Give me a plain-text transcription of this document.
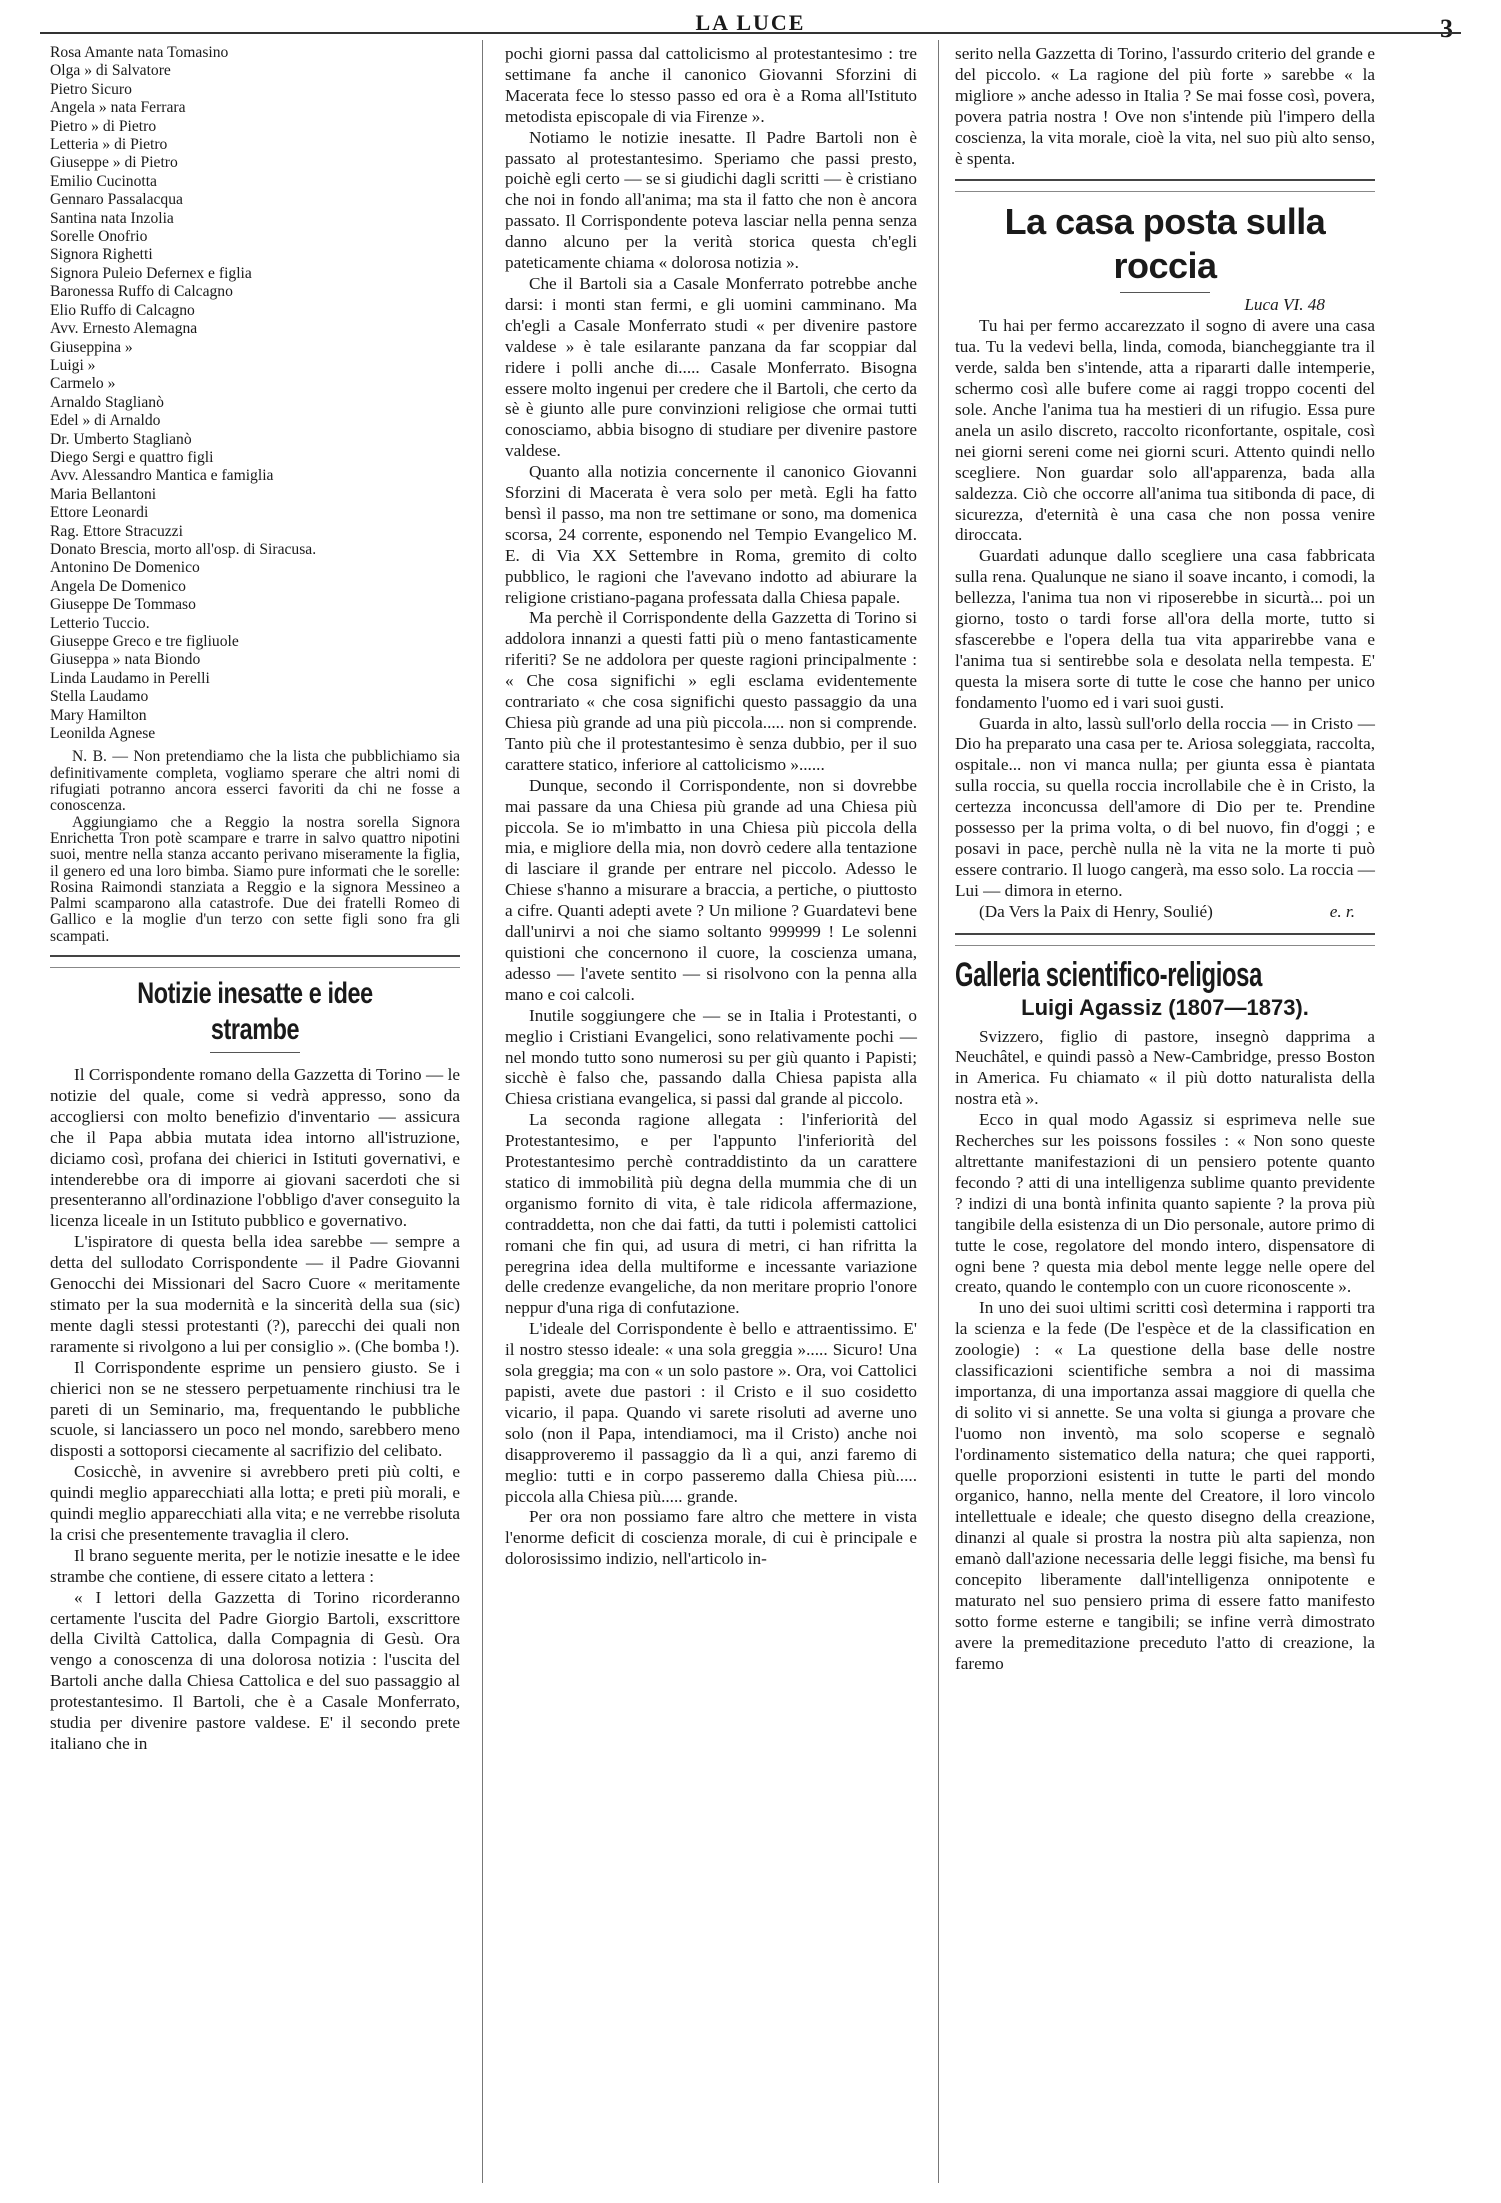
LA LUCE	3
Rosa Amante nata Tomasino
Olga » di Salvatore
Pietro Sicuro
Angela » nata Ferrara
Pietro » di Pietro
Letteria » di Pietro
Giuseppe » di Pietro
Emilio Cucinotta
Gennaro Passalacqua
Santina nata Inzolia
Sorelle Onofrio
Signora Righetti
Signora Puleio Defernex e figlia
Baronessa Ruffo di Calcagno
Elio Ruffo di Calcagno
Avv. Ernesto Alemagna
Giuseppina »
Luigi »
Carmelo »
Arnaldo Staglianò
Edel » di Arnaldo
Dr. Umberto Staglianò
Diego Sergi e quattro figli
Avv. Alessandro Mantica e famiglia
Maria Bellantoni
Ettore Leonardi
Rag. Ettore Stracuzzi
Donato Brescia, morto all'osp. di Siracusa.
Antonino De Domenico
Angela De Domenico
Giuseppe De Tommaso
Letterio Tuccio.
Giuseppe Greco e tre figliuole
Giuseppa » nata Biondo
Linda Laudamo in Perelli
Stella Laudamo
Mary Hamilton
Leonilda Agnese

N. B. — Non pretendiamo che la lista che pubblichiamo sia definitivamente completa, vogliamo sperare che altri nomi di rifugiati potranno ancora esserci favoriti da chi ne fosse a conoscenza.

Aggiungiamo che a Reggio la nostra sorella Signora Enrichetta Tron potè scampare e trarre in salvo quattro nipotini suoi, mentre nella stanza accanto perivano miseramente la figlia, il genero ed una loro bimba. Siamo pure informati che le sorelle: Rosina Raimondi stanziata a Reggio e la signora Messineo a Palmi scamparono alla catastrofe. Due dei fratelli Romeo di Gallico e la moglie d'un terzo con sette figli sono fra gli scampati.

Notizie inesatte e idee strambe

Il Corrispondente romano della Gazzetta di Torino — le notizie del quale, come si vedrà appresso, sono da accogliersi con molto benefizio d'inventario — assicura che il Papa abbia mutata idea intorno all'istruzione, diciamo così, profana dei chierici in Istituti governativi, e intenderebbe ora di imporre ai giovani sacerdoti che si presenteranno all'ordinazione l'obbligo d'aver conseguito la licenza liceale in un Istituto pubblico e governativo.

L'ispiratore di questa bella idea sarebbe — sempre a detta del sullodato Corrispondente — il Padre Giovanni Genocchi dei Missionari del Sacro Cuore « meritamente stimato per la sua modernità e la sincerità della sua (sic) mente dagli stessi protestanti (?), parecchi dei quali non raramente si rivolgono a lui per consiglio ». (Che bomba !).

Il Corrispondente esprime un pensiero giusto. Se i chierici non se ne stessero perpetuamente rinchiusi tra le pareti di un Seminario, ma, frequentando le pubbliche scuole, si lanciassero un poco nel mondo, sarebbero meno disposti a sottoporsi ciecamente al sacrifizio del celibato.

Cosicchè, in avvenire si avrebbero preti più colti, e quindi meglio apparecchiati alla lotta; e preti più morali, e quindi meglio apparecchiati alla vita; e ne verrebbe risoluta la crisi che presentemente travaglia il clero.

Il brano seguente merita, per le notizie inesatte e le idee strambe che contiene, di essere citato a lettera :

« I lettori della Gazzetta di Torino ricorderanno certamente l'uscita del Padre Giorgio Bartoli, exscrittore della Civiltà Cattolica, dalla Compagnia di Gesù. Ora vengo a conoscenza di una dolorosa notizia : l'uscita del Bartoli anche dalla Chiesa Cattolica e del suo passaggio al protestantesimo. Il Bartoli, che è a Casale Monferrato, studia per divenire pastore valdese. E' il secondo prete italiano che in

pochi giorni passa dal cattolicismo al protestantesimo : tre settimane fa anche il canonico Giovanni Sforzini di Macerata fece lo stesso passo ed ora è a Roma all'Istituto metodista episcopale di via Firenze ».

Notiamo le notizie inesatte. Il Padre Bartoli non è passato al protestantesimo. Speriamo che passi presto, poichè egli certo — se si giudichi dagli scritti — è cristiano che noi in fondo all'anima; ma sta il fatto che non è ancora passato. Il Corrispondente poteva lasciar nella penna senza danno alcuno per la verità storica questa ch'egli pateticamente chiama « dolorosa notizia ».

Che il Bartoli sia a Casale Monferrato potrebbe anche darsi: i monti stan fermi, e gli uomini camminano. Ma ch'egli a Casale Monferrato studi « per divenire pastore valdese » è tale esilarante panzana da far scoppiar dal ridere i polli anche di..... Casale Monferrato. Bisogna essere molto ingenui per credere che il Bartoli, che certo da sè è giunto alle pure convinzioni religiose che ormai tutti conosciamo, abbia bisogno di studiare per divenire pastore valdese.

Quanto alla notizia concernente il canonico Giovanni Sforzini di Macerata è vera solo per metà. Egli ha fatto bensì il passo, ma non tre settimane or sono, ma domenica scorsa, 24 corrente, esponendo nel Tempio Evangelico M. E. di Via XX Settembre in Roma, gremito di colto pubblico, le ragioni che l'avevano indotto ad abiurare la religione cristiano-pagana professata dalla Chiesa papale.

Ma perchè il Corrispondente della Gazzetta di Torino si addolora innanzi a questi fatti più o meno fantasticamente riferiti? Se ne addolora per queste ragioni principalmente : « Che cosa significhi » egli esclama evidentemente contrariato « che cosa significhi questo passaggio da una Chiesa più grande ad una più piccola..... non si comprende. Tanto più che il protestantesimo è senza dubbio, per il suo carattere statico, inferiore al cattolicismo »......

Dunque, secondo il Corrispondente, non si dovrebbe mai passare da una Chiesa più grande ad una Chiesa più piccola. Se io m'imbatto in una Chiesa più piccola della mia, e migliore della mia, non dovrò cedere alla tentazione di lasciare il grande per entrare nel piccolo. Adesso le Chiese s'hanno a misurare a braccia, a pertiche, o piuttosto a cifre. Quanti adepti avete ? Un milione ? Guardatevi bene dall'unirvi a noi che siamo soltanto 999999 ! Le solenni quistioni che concernono il cuore, la coscienza umana, adesso — l'avete sentito — si risolvono con la penna alla mano e coi calcoli.

Inutile soggiungere che — se in Italia i Protestanti, o meglio i Cristiani Evangelici, sono relativamente pochi — nel mondo tutto sono numerosi su per giù quanto i Papisti; sicchè è falso che, passando dalla Chiesa papista alla Chiesa cristiana evangelica, si passi dal grande al piccolo.

La seconda ragione allegata : l'inferiorità del Protestantesimo, e per l'appunto l'inferiorità del Protestantesimo perchè contraddistinto da un carattere statico di immobilità più degna della mummia che di un organismo fornito di vita, è tale ridicola affermazione, contraddetta, non che dai fatti, da tutti i polemisti cattolici romani che fin qui, ad usura di metri, ci han rifritta la peregrina idea della multiforme e incessante variazione delle credenze evangeliche, da non meritare proprio l'onore neppur d'una riga di confutazione.

L'ideale del Corrispondente è bello e attraentissimo. E' il nostro stesso ideale: « una sola greggia »..... Sicuro! Una sola greggia; ma con « un solo pastore ». Ora, voi Cattolici papisti, avete due pastori : il Cristo e il suo cosidetto vicario, il papa. Quando vi sarete risoluti ad averne uno solo (non il Papa, intendiamoci, ma il Cristo) anche noi disapproveremo il passaggio da lì a qui, anzi faremo di meglio: tutti e in corpo passeremo dalla Chiesa più..... piccola alla Chiesa più..... grande.

Per ora non possiamo fare altro che mettere in vista l'enorme deficit di coscienza morale, di cui è principale e dolorosissimo indizio, nell'articolo in-

serito nella Gazzetta di Torino, l'assurdo criterio del grande e del piccolo. « La ragione del più forte » sarebbe « la migliore » anche adesso in Italia ? Se mai fosse così, povera, povera patria nostra ! Ove non s'intende più l'impero della coscienza, la vita morale, cioè la vita, nel suo più alto senso, è spenta.

La casa posta sulla roccia
Luca VI. 48

Tu hai per fermo accarezzato il sogno di avere una casa tua. Tu la vedevi bella, linda, comoda, biancheggiante tra il verde, salda ben s'intende, atta a ripararti dalle intemperie, schermo così alle bufere come ai raggi troppo cocenti del sole. Anche l'anima tua ha mestieri di un rifugio. Essa pure anela un asilo discreto, raccolto riconfortante, ospitale, così nei giorni sereni come nei giorni scuri. Attento quindi nello scegliere. Non guardar solo all'apparenza, bada alla saldezza. Ciò che occorre all'anima tua sitibonda di pace, di sicurezza, d'eternità è una casa che non possa venire diroccata.

Guardati adunque dallo scegliere una casa fabbricata sulla rena. Qualunque ne siano il soave incanto, i comodi, la bellezza, l'anima tua non vi riposerebbe in sicurtà... poi un giorno, tosto o tardi forse all'ora della morte, tutto si sfascerebbe e l'opera della tua vita apparirebbe vana e l'anima tua si sentirebbe sola e desolata nella tempesta. E' questa la misera sorte di tutte le cose che hanno per unico fondamento l'uomo ed i vari suoi gusti.

Guarda in alto, lassù sull'orlo della roccia — in Cristo — Dio ha preparato una casa per te. Ariosa soleggiata, raccolta, ospitale... non vi manca nulla; per giunta essa è piantata sulla roccia, su quella roccia incrollabile che è in Cristo, la certezza inconcussa dell'amore di Dio per te. Prendine possesso per la prima volta, o di bel nuovo, fin d'oggi ; e posavi in pace, perchè nulla nè la vita ne la morte ti può essere contrario. Il luogo cangerà, ma esso solo. La roccia — Lui — dimora in eterno.

(Da Vers la Paix di Henry, Soulié)	e. r.
Galleria scientifico-religiosa
Luigi Agassiz (1807—1873).

Svizzero, figlio di pastore, insegnò dapprima a Neuchâtel, e quindi passò a New-Cambridge, presso Boston in America. Fu chiamato « il più dotto naturalista della nostra età ».

Ecco in qual modo Agassiz si esprimeva nelle sue Recherches sur les poissons fossiles : « Non sono queste altrettante manifestazioni di un pensiero potente quanto fecondo ? atti di una intelligenza sublime quanto previdente ? indizi di una bontà infinita quanto sapiente ? la prova più tangibile della esistenza di un Dio personale, autore primo di tutte le cose, regolatore del mondo intero, dispensatore di ogni bene ? questa mia debol mente legge nelle opere del creato, quando le contemplo con un cuore riconoscente ».

In uno dei suoi ultimi scritti così determina i rapporti tra la scienza e la fede (De l'espèce et de la classification en zoologie) : « La questione della base delle nostre classificazioni scientifiche sembra a noi di massima importanza, di una importanza assai maggiore di quella che di solito vi si annette. Se una volta si giunga a provare che l'uomo non inventò, ma solo scoperse e segnalò l'ordinamento sistematico della natura; che quei rapporti, quelle proporzioni esistenti in tutte le parti del mondo organico, hanno, nella mente del Creatore, il loro vincolo intellettuale e ideale; che questo disegno della creazione, dinanzi al quale si prostra la nostra più alta sapienza, non emanò dall'azione necessaria delle leggi fisiche, ma bensì fu concepito liberamente dall'intelligenza onnipotente e maturato nel suo pensiero prima di essere fatto manifesto sotto forme esterne e tangibili; se infine verrà dimostrato avere la premeditazione preceduto l'atto di creazione, la faremo
